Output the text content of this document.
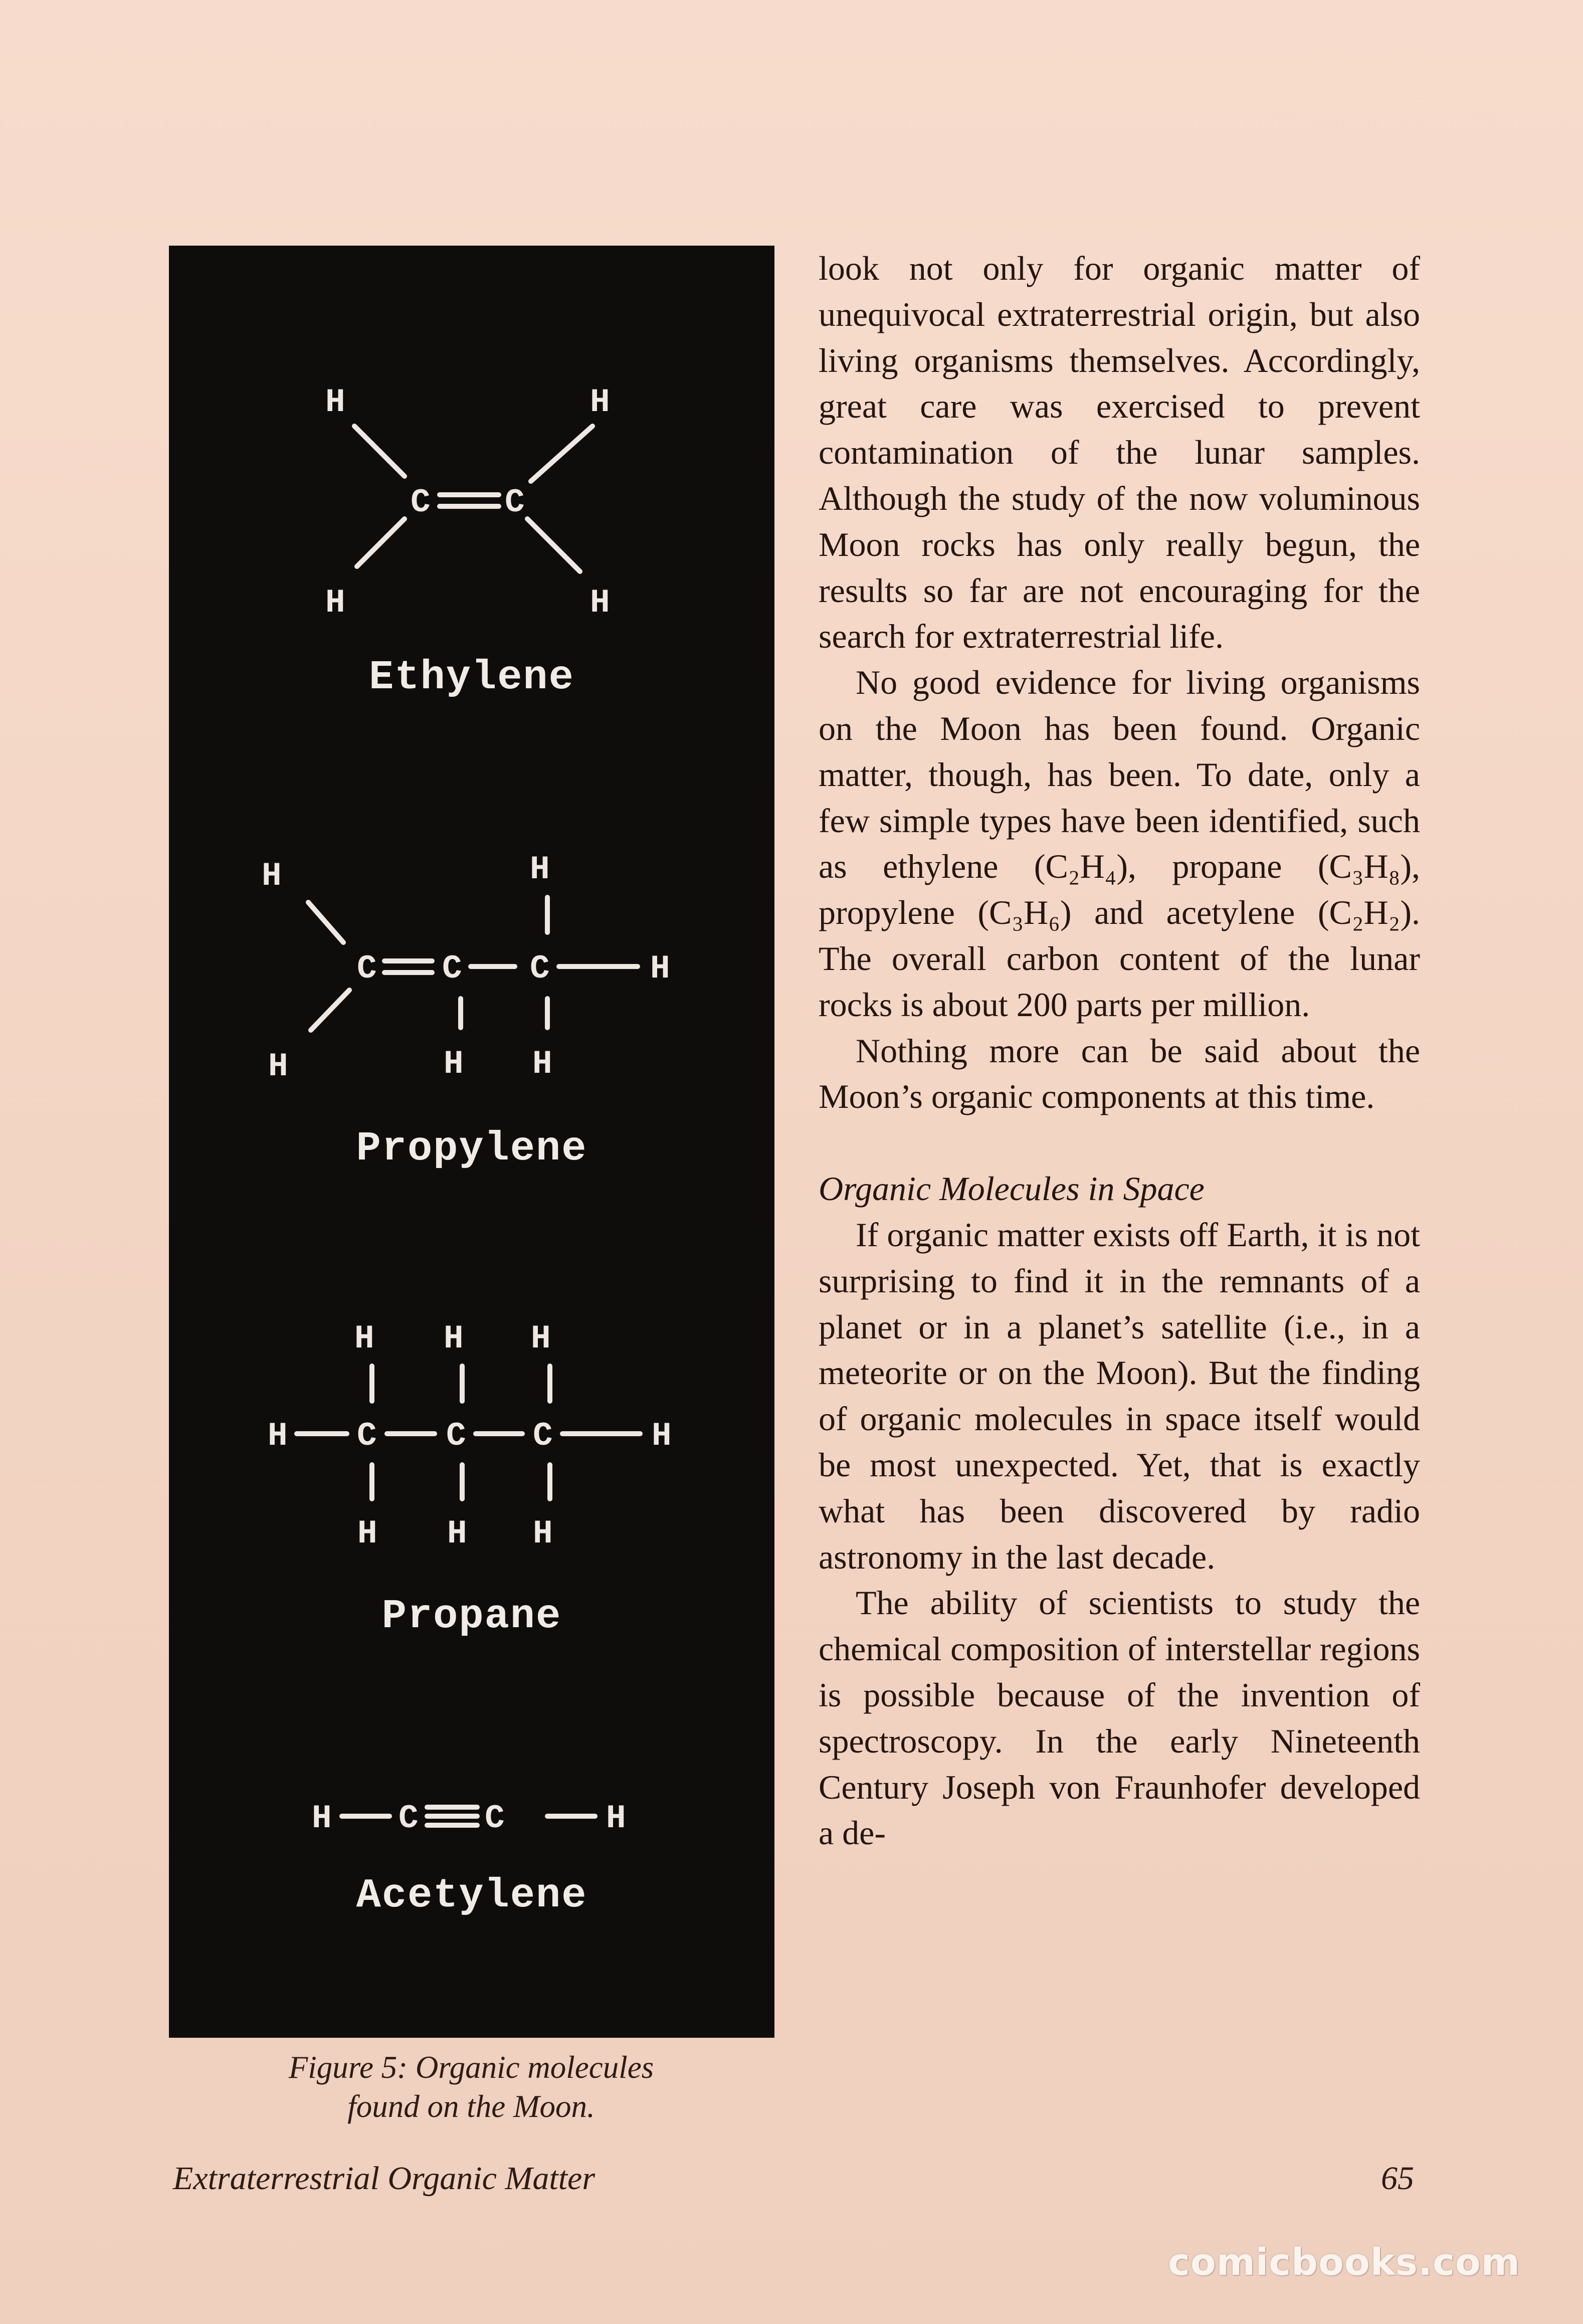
H	H
H	H
C C
H	H
C C C	H
H	H H
H H H
H C C C	H
H H H
H C C	H
Ethylene
Propylene
Propane
Acetylene
Figure 5: Organic molecules
found on the Moon.

look not only for organic matter of unequivocal extraterrestrial origin, but also living organisms themselves. Accordingly, great care was exercised to prevent contamination of the lunar samples. Although the study of the now voluminous Moon rocks has only really begun, the results so far are not encouraging for the search for extraterrestrial life.

No good evidence for living organisms on the Moon has been found. Organic matter, though, has been. To date, only a few simple types have been identified, such as ethylene (C₂H₄), propane (C₃H₈), propylene (C₃H₆) and acetylene (C₂H₂). The overall carbon content of the lunar rocks is about 200 parts per million.

Nothing more can be said about the Moon’s organic components at this time.

Organic Molecules in Space

If organic matter exists off Earth, it is not surprising to find it in the remnants of a planet or in a planet’s satellite (i.e., in a meteorite or on the Moon). But the finding of organic molecules in space itself would be most unexpected. Yet, that is exactly what has been discovered by radio astronomy in the last decade.

The ability of scientists to study the chemical composition of interstellar regions is possible because of the invention of spectroscopy. In the early Nineteenth Century Joseph von Fraunhofer developed a de-

Extraterrestrial Organic Matter	65
comicbooks.com
